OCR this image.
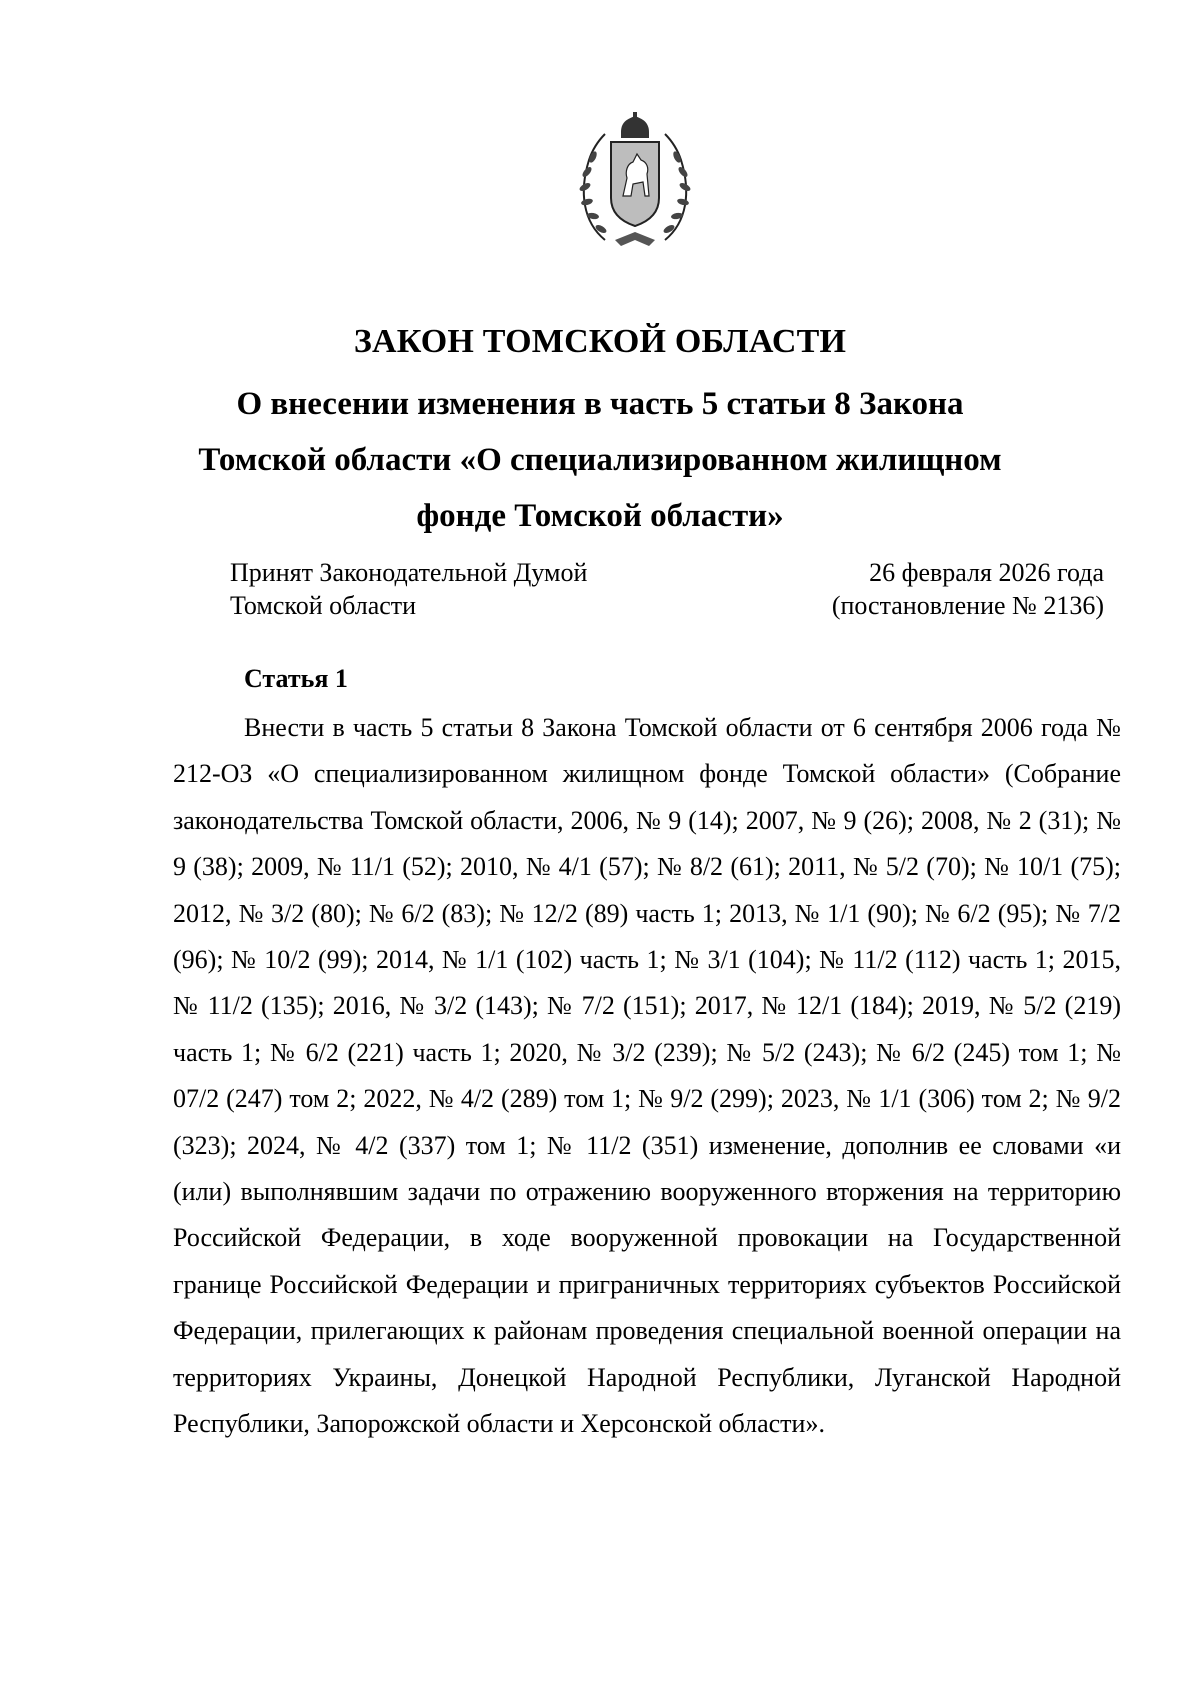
ЗАКОН ТОМСКОЙ ОБЛАСТИ
О внесении изменения в часть 5 статьи 8 Закона
Томской области «О специализированном жилищном
фонде Томской области»
Принят Законодательной Думой
Томской области
26 февраля 2026 года
(постановление № 2136)
Статья 1

Внести в часть 5 статьи 8 Закона Томской области от 6 сентября 2006 года № 212-ОЗ «О специализированном жилищном фонде Томской области» (Собрание законодательства Томской области, 2006, № 9 (14); 2007, № 9 (26); 2008, № 2 (31); № 9 (38); 2009, № 11/1 (52); 2010, № 4/1 (57); № 8/2 (61); 2011, № 5/2 (70); № 10/1 (75); 2012, № 3/2 (80); № 6/2 (83); № 12/2 (89) часть 1; 2013, № 1/1 (90); № 6/2 (95); № 7/2 (96); № 10/2 (99); 2014, № 1/1 (102) часть 1; № 3/1 (104); № 11/2 (112) часть 1; 2015, № 11/2 (135); 2016, № 3/2 (143); № 7/2 (151); 2017, № 12/1 (184); 2019, № 5/2 (219) часть 1; № 6/2 (221) часть 1; 2020, № 3/2 (239); № 5/2 (243); № 6/2 (245) том 1; № 07/2 (247) том 2; 2022, № 4/2 (289) том 1; № 9/2 (299); 2023, № 1/1 (306) том 2; № 9/2 (323); 2024, № 4/2 (337) том 1; № 11/2 (351) изменение, дополнив ее словами «и (или) выполнявшим задачи по отражению вооруженного вторжения на территорию Российской Федерации, в ходе вооруженной провокации на Государственной границе Российской Федерации и приграничных территориях субъектов Российской Федерации, прилегающих к районам проведения специальной военной операции на территориях Украины, Донецкой Народной Республики, Луганской Народной Республики, Запорожской области и Херсонской области».
